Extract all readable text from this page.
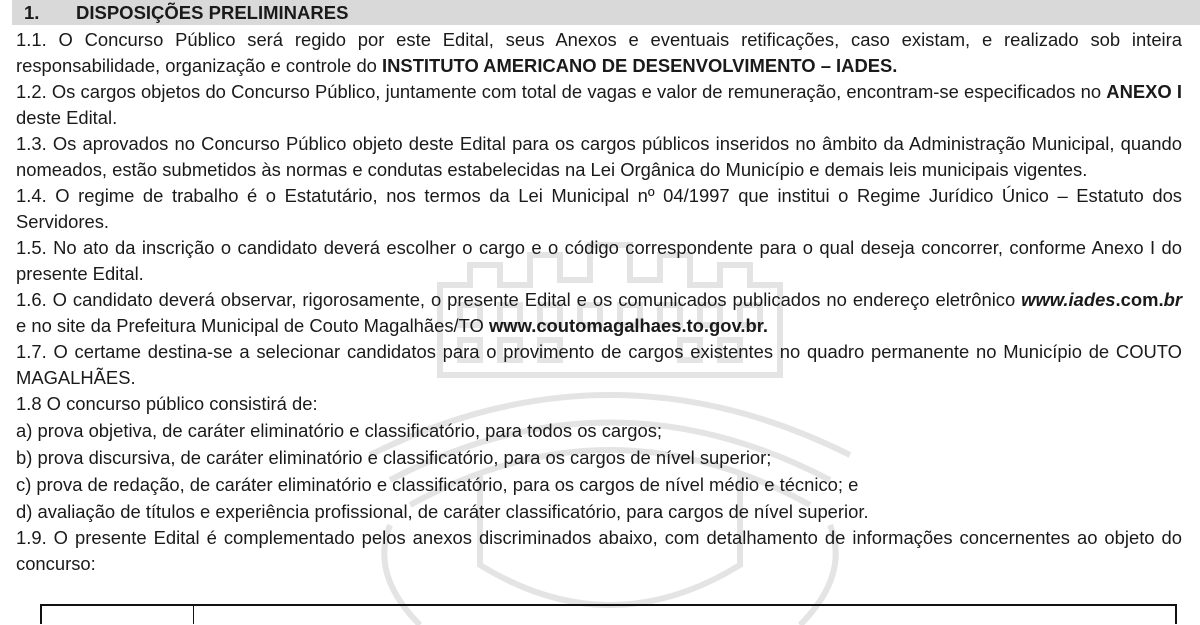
1. DISPOSIÇÕES PRELIMINARES

1.1. O Concurso Público será regido por este Edital, seus Anexos e eventuais retificações, caso existam, e realizado sob inteira responsabilidade, organização e controle do INSTITUTO AMERICANO DE DESENVOLVIMENTO – IADES.

1.2. Os cargos objetos do Concurso Público, juntamente com total de vagas e valor de remuneração, encontram-se especificados no ANEXO I deste Edital.

1.3. Os aprovados no Concurso Público objeto deste Edital para os cargos públicos inseridos no âmbito da Administração Municipal, quando nomeados, estão submetidos às normas e condutas estabelecidas na Lei Orgânica do Município e demais leis municipais vigentes.

1.4. O regime de trabalho é o Estatutário, nos termos da Lei Municipal nº 04/1997 que institui o Regime Jurídico Único – Estatuto dos Servidores.

1.5. No ato da inscrição o candidato deverá escolher o cargo e o código correspondente para o qual deseja concorrer, conforme Anexo I do presente Edital.

1.6. O candidato deverá observar, rigorosamente, o presente Edital e os comunicados publicados no endereço eletrônico www.iades.com.br e no site da Prefeitura Municipal de Couto Magalhães/TO www.coutomagalhaes.to.gov.br.

1.7. O certame destina-se a selecionar candidatos para o provimento de cargos existentes no quadro permanente no Município de COUTO MAGALHÃES.

1.8 O concurso público consistirá de:

a) prova objetiva, de caráter eliminatório e classificatório, para todos os cargos;

b) prova discursiva, de caráter eliminatório e classificatório, para os cargos de nível superior;

c) prova de redação, de caráter eliminatório e classificatório, para os cargos de nível médio e técnico; e

d) avaliação de títulos e experiência profissional, de caráter classificatório, para cargos de nível superior.

1.9. O presente Edital é complementado pelos anexos discriminados abaixo, com detalhamento de informações concernentes ao objeto do concurso:
